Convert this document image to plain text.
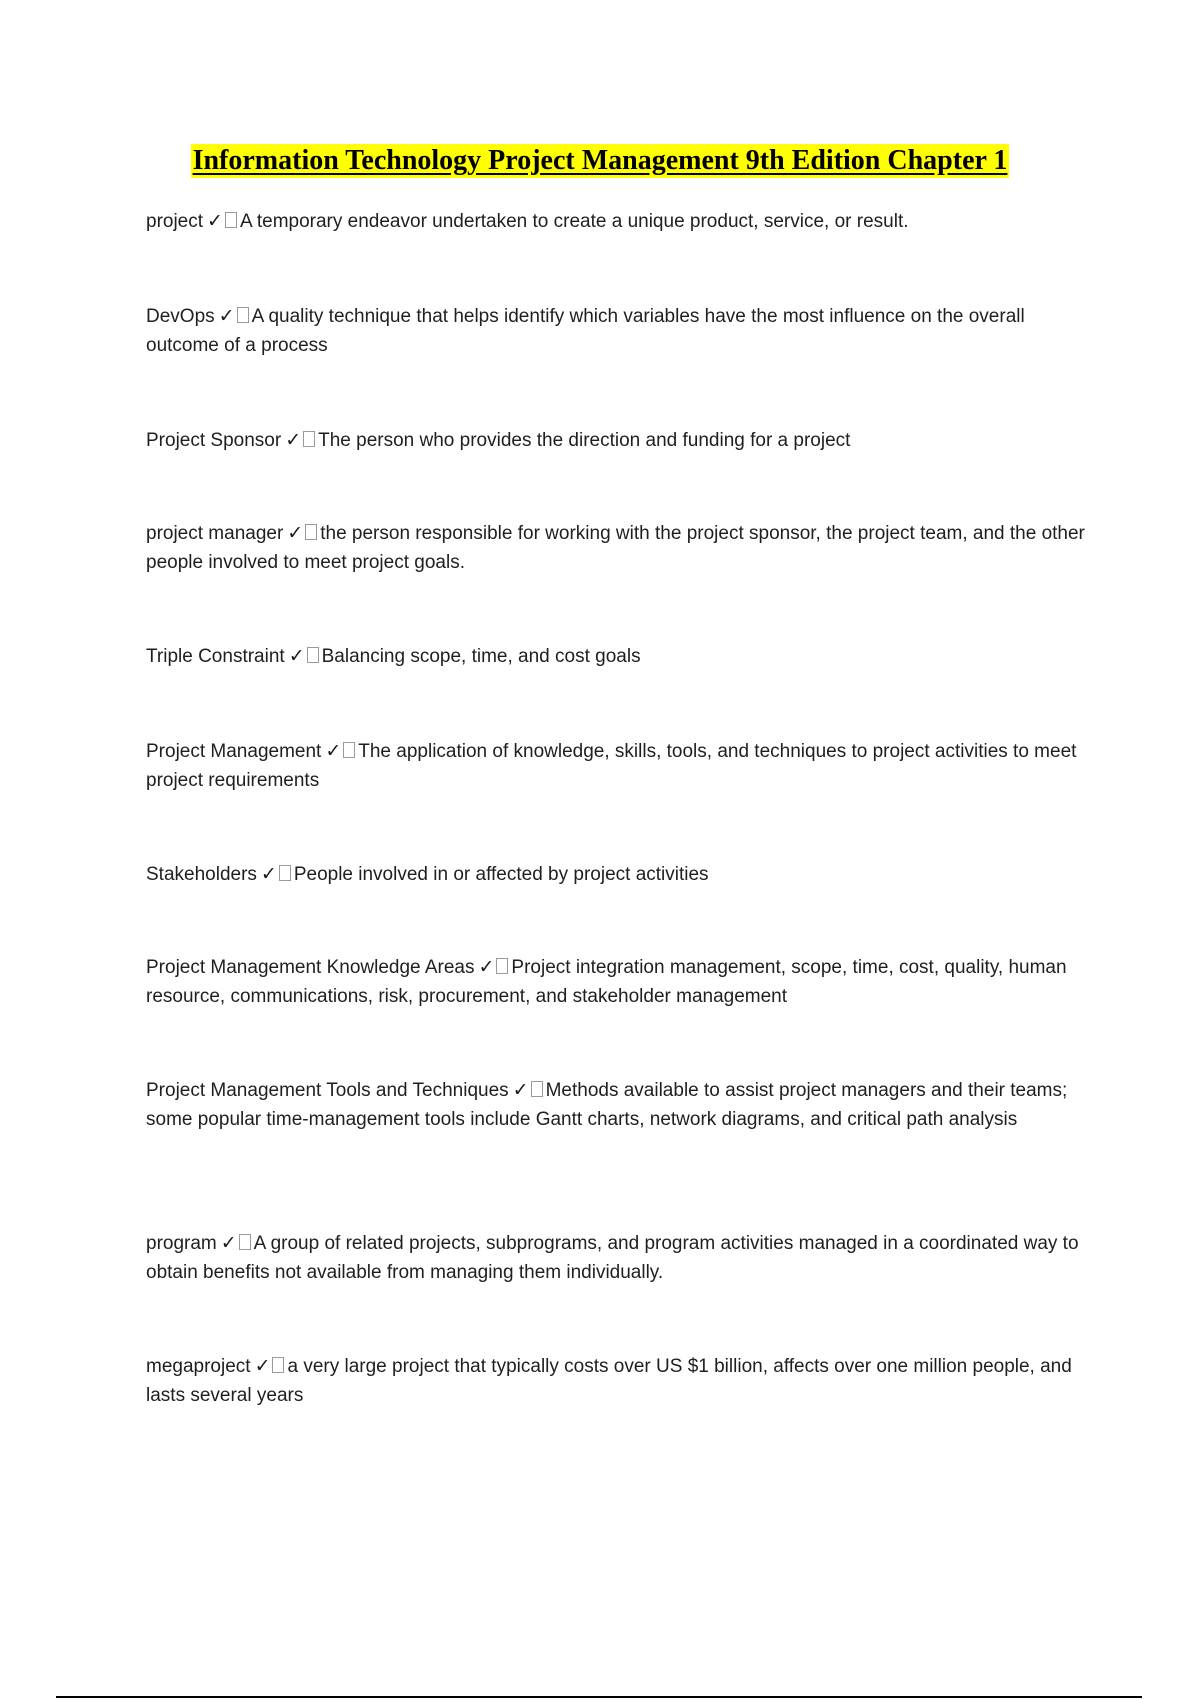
Information Technology Project Management 9th Edition Chapter 1
project ✓ A temporary endeavor undertaken to create a unique product, service, or result.
DevOps ✓ A quality technique that helps identify which variables have the most influence on the overall outcome of a process
Project Sponsor ✓ The person who provides the direction and funding for a project
project manager ✓ the person responsible for working with the project sponsor, the project team, and the other people involved to meet project goals.
Triple Constraint ✓ Balancing scope, time, and cost goals
Project Management ✓ The application of knowledge, skills, tools, and techniques to project activities to meet project requirements
Stakeholders ✓ People involved in or affected by project activities
Project Management Knowledge Areas ✓ Project integration management, scope, time, cost, quality, human resource, communications, risk, procurement, and stakeholder management
Project Management Tools and Techniques ✓ Methods available to assist project managers and their teams; some popular time-management tools include Gantt charts, network diagrams, and critical path analysis
program ✓ A group of related projects, subprograms, and program activities managed in a coordinated way to obtain benefits not available from managing them individually.
megaproject ✓ a very large project that typically costs over US $1 billion, affects over one million people, and lasts several years
